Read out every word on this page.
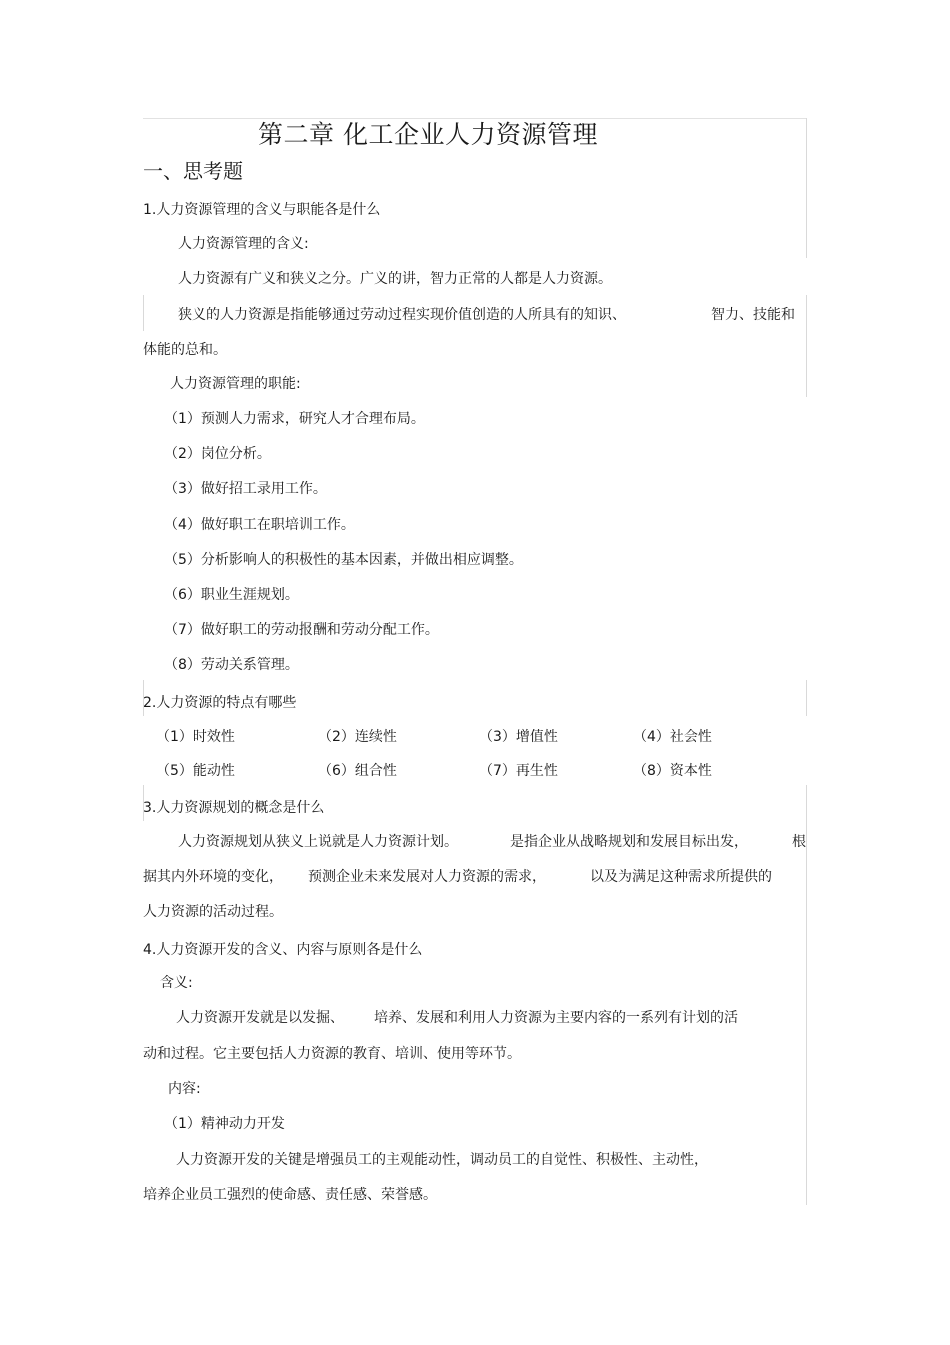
第二章 化工企业人力资源管理
一、思考题
1.人力资源管理的含义与职能各是什么
人力资源管理的含义:
人力资源有广义和狭义之分。广义的讲，智力正常的人都是人力资源。
狭义的人力资源是指能够通过劳动过程实现价值创造的人所具有的知识、	智力、技能和
体能的总和。
人力资源管理的职能:
（1）预测人力需求，研究人才合理布局。
（2）岗位分析。
（3）做好招工录用工作。
（4）做好职工在职培训工作。
（5）分析影响人的积极性的基本因素，并做出相应调整。
（6）职业生涯规划。
（7）做好职工的劳动报酬和劳动分配工作。
（8）劳动关系管理。
2.人力资源的特点有哪些
（1）时效性	（2）连续性	（3）增值性	（4）社会性
（5）能动性	（6）组合性	（7）再生性	（8）资本性
3.人力资源规划的概念是什么
人力资源规划从狭义上说就是人力资源计划。	是指企业从战略规划和发展目标出发，	根
据其内外环境的变化， 预测企业未来发展对人力资源的需求，	以及为满足这种需求所提供的
人力资源的活动过程。
4.人力资源开发的含义、内容与原则各是什么
含义:
人力资源开发就是以发掘、 培养、发展和利用人力资源为主要内容的一系列有计划的活
动和过程。它主要包括人力资源的教育、培训、使用等环节。
内容:
（1）精神动力开发
人力资源开发的关键是增强员工的主观能动性，调动员工的自觉性、积极性、主动性，
培养企业员工强烈的使命感、责任感、荣誉感。
